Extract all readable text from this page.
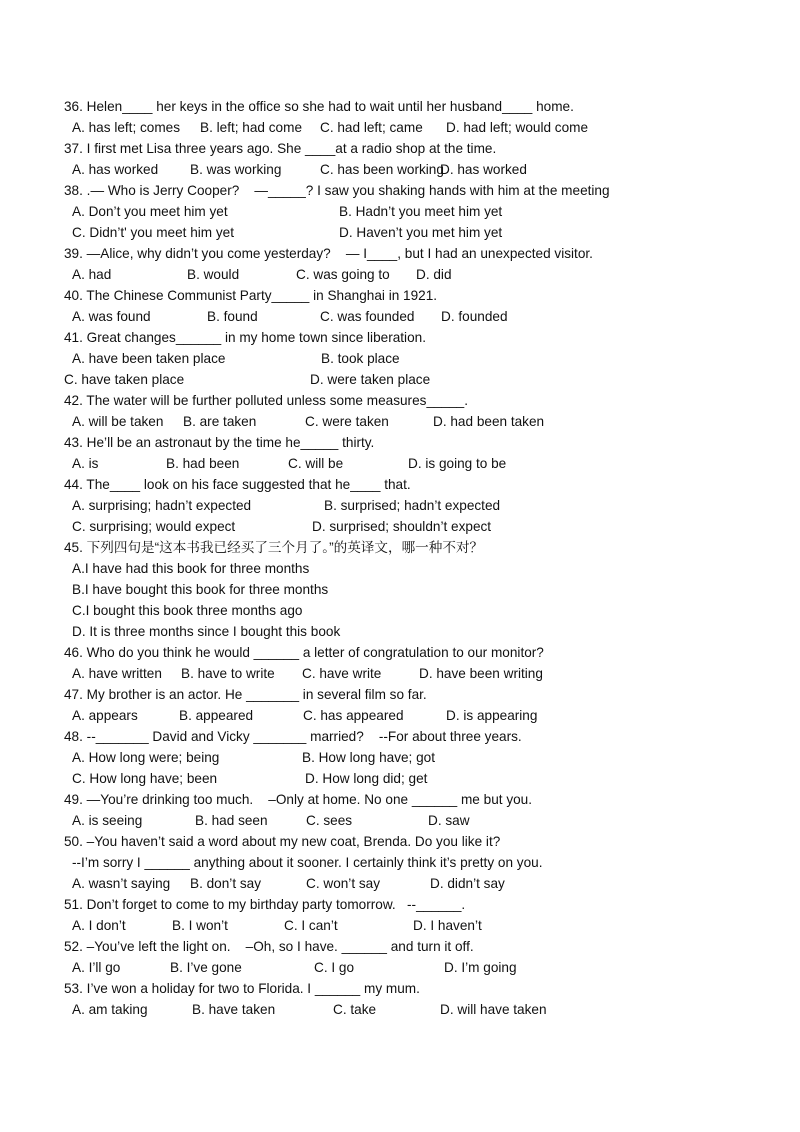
36. Helen____ her keys in the office so she had to wait until her husband____ home.
A. has left; comes B. left; had come C. had left; came D. had left; would come
37. I first met Lisa three years ago. She ____at a radio shop at the time.
A. has worked B. was working	C. has been working
D. has worked
38. .— Who is Jerry Cooper?    —_____? I saw you shaking hands with him at the meeting
A. Don’t you meet him yet	B. Hadn’t you meet him yet
C. Didn’t' you meet him yet	D. Haven’t you met him yet
39. —Alice, why didn’t you come yesterday?    — I____, but I had an unexpected visitor.
A. had	B. would	C. was going to D. did
40. The Chinese Communist Party_____ in Shanghai in 1921.
A. was found	B. found	C. was founded D. founded
41. Great changes______ in my home town since liberation.
A. have been taken place	B. took place
C. have taken place	D. were taken place
42. The water will be further polluted unless some measures_____.
A. will be taken B. are taken	C. were taken	D. had been taken
43. He’ll be an astronaut by the time he_____ thirty.
A. is	B. had been	C. will be	D. is going to be
44. The____ look on his face suggested that he____ that.
A. surprising; hadn’t expected	B. surprised; hadn’t expected
C. surprising; would expect	D. surprised; shouldn’t expect
45. 下列四句是“这本书我已经买了三个月了。”的英译文，哪一种不对？
A.I have had this book for three months
B.I have bought this book for three months
C.I bought this book three months ago
D. It is three months since I bought this book
46. Who do you think he would ______ a letter of congratulation to our monitor?
A. have written B. have to write C. have write	D. have been writing
47. My brother is an actor. He _______ in several film so far.
A. appears	B. appeared	C. has appeared	D. is appearing
48. --_______ David and Vicky _______ married?    --For about three years.
A. How long were; being	B. How long have; got
C. How long have; been	D. How long did; get
49. —You’re drinking too much.    –Only at home. No one ______ me but you.
A. is seeing	B. had seen	C. sees	D. saw
50. –You haven’t said a word about my new coat, Brenda. Do you like it?
--I’m sorry I ______ anything about it sooner. I certainly think it’s pretty on you.
A. wasn’t saying B. don’t say	C. won’t say	D. didn’t say
51. Don’t forget to come to my birthday party tomorrow.   --______.
A. I don’t	B. I won’t	C. I can’t	D. I haven’t
52. –You’ve left the light on.    –Oh, so I have. ______ and turn it off.
A. I’ll go	B. I’ve gone	C. I go	D. I’m going
53. I’ve won a holiday for two to Florida. I ______ my mum.
A. am taking	B. have taken	C. take	D. will have taken
